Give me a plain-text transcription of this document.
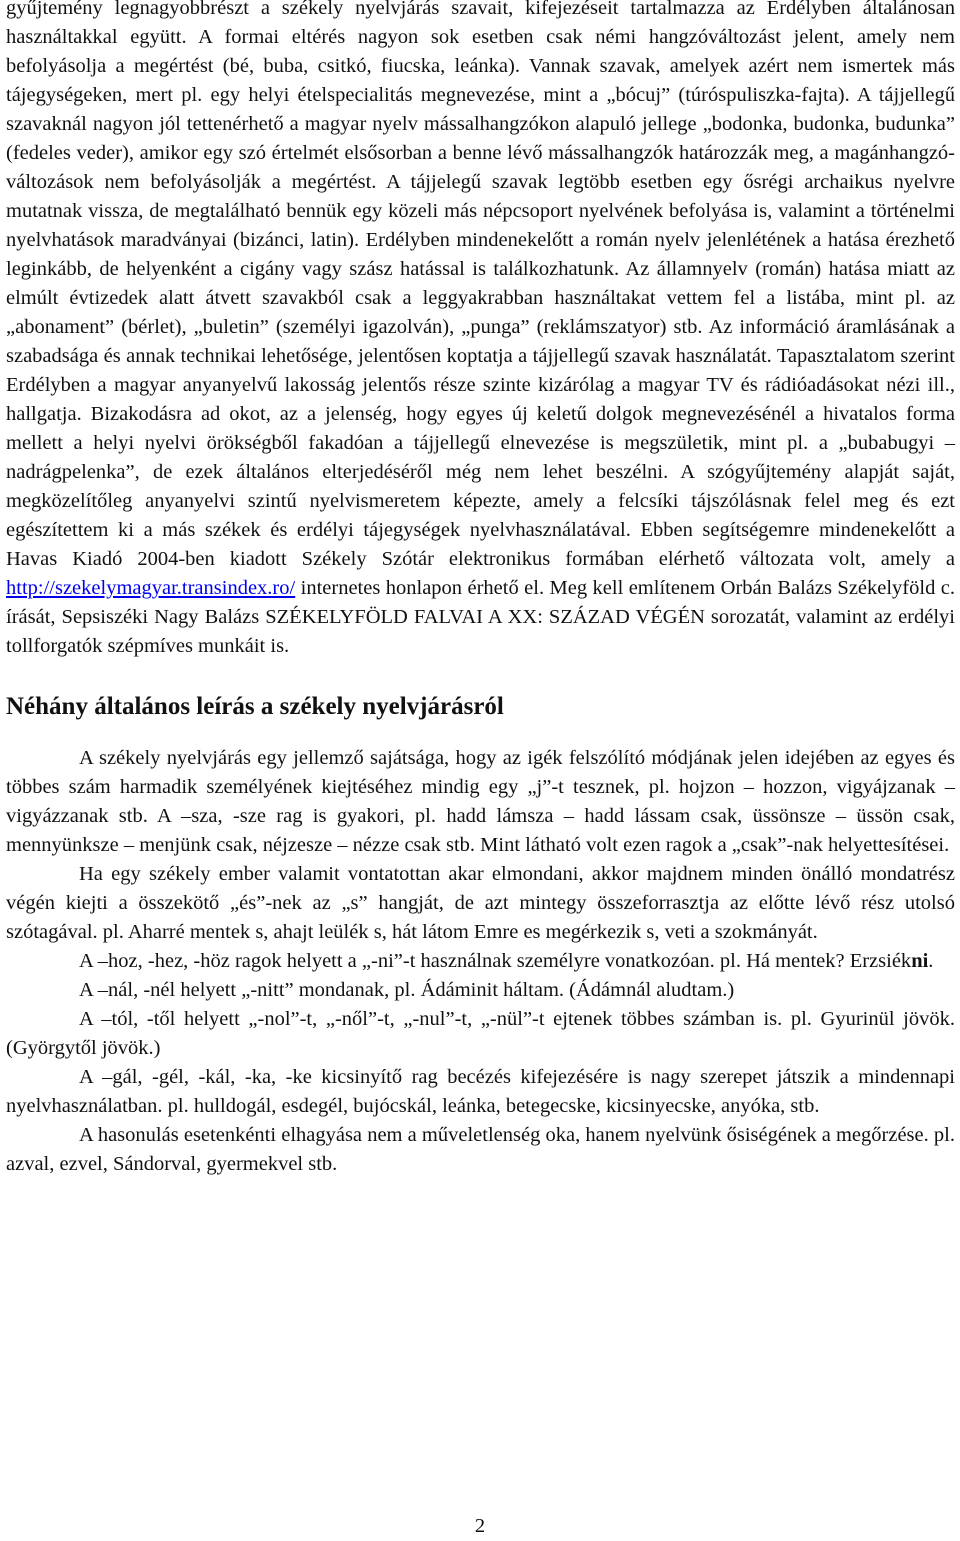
gyűjtemény legnagyobbrészt a székely nyelvjárás szavait, kifejezéseit tartalmazza az Erdélyben általánosan használtakkal együtt. A formai eltérés nagyon sok esetben csak némi hangzóváltozást jelent, amely nem befolyásolja a megértést (bé, buba, csitkó, fiucska, leánka). Vannak szavak, amelyek azért nem ismertek más tájegységeken, mert pl. egy helyi ételspecialitás megnevezése, mint a „bócuj” (túróspuliszka-fajta). A tájjellegű szavaknál nagyon jól tettenérhető a magyar nyelv mássalhangzókon alapuló jellege „bodonka, budonka, budunka” (fedeles veder), amikor egy szó értelmét elsősorban a benne lévő mássalhangzók határozzák meg, a magánhangzó-változások nem befolyásolják a megértést. A tájjelegű szavak legtöbb esetben egy ősrégi archaikus nyelvre mutatnak vissza, de megtalálható bennük egy közeli más népcsoport nyelvének befolyása is, valamint a történelmi nyelvhatások maradványai (bizánci, latin). Erdélyben mindenekelőtt a román nyelv jelenlétének a hatása érezhető leginkább, de helyenként a cigány vagy szász hatással is találkozhatunk. Az államnyelv (román) hatása miatt az elmúlt évtizedek alatt átvett szavakból csak a leggyakrabban használtakat vettem fel a listába, mint pl. az „abonament” (bérlet), „buletin” (személyi igazolván), „punga” (reklámszatyor) stb. Az információ áramlásának a szabadsága és annak technikai lehetősége, jelentősen koptatja a tájjellegű szavak használatát. Tapasztalatom szerint Erdélyben a magyar anyanyelvű lakosság jelentős része szinte kizárólag a magyar TV és rádióadásokat nézi ill., hallgatja. Bizakodásra ad okot, az a jelenség, hogy egyes új keletű dolgok megnevezésénél a hivatalos forma mellett a helyi nyelvi örökségből fakadóan a tájjellegű elnevezése is megszületik, mint pl. a „bubabugyi – nadrágpelenka”, de ezek általános elterjedéséről még nem lehet beszélni. A szógyűjtemény alapját saját, megközelítőleg anyanyelvi szintű nyelvismeretem képezte, amely a felcsíki tájszólásnak felel meg és ezt egészítettem ki a más székek és erdélyi tájegységek nyelvhasználatával. Ebben segítségemre mindenekelőtt a Havas Kiadó 2004-ben kiadott Székely Szótár elektronikus formában elérhető változata volt, amely a http://szekelymagyar.transindex.ro/ internetes honlapon érhető el. Meg kell említenem Orbán Balázs Székelyföld c. írását, Sepsiszéki Nagy Balázs SZÉKELYFÖLD FALVAI A XX: SZÁZAD VÉGÉN sorozatát, valamint az erdélyi tollforgatók szépmíves munkáit is.

Néhány általános leírás a székely nyelvjárásról

A székely nyelvjárás egy jellemző sajátsága, hogy az igék felszólító módjának jelen idejében az egyes és többes szám harmadik személyének kiejtéséhez mindig egy „j”-t tesznek, pl. hojzon – hozzon, vigyájzanak – vigyázzanak stb. A –sza, -sze rag is gyakori, pl. hadd lámsza – hadd lássam csak, üssönsze – üssön csak, mennyünksze – menjünk csak, néjzesze – nézze csak stb. Mint látható volt ezen ragok a „csak”-nak helyettesítései.

Ha egy székely ember valamit vontatottan akar elmondani, akkor majdnem minden önálló mondatrész végén kiejti a összekötő „és”-nek az „s” hangját, de azt mintegy összeforrasztja az előtte lévő rész utolsó szótagával. pl. Aharré mentek s, ahajt leülék s, hát látom Emre es megérkezik s, veti a szokmányát.

A –hoz, -hez, -höz ragok helyett a „-ni”-t használnak személyre vonatkozóan. pl. Há mentek? Erzsiékni.

A –nál, -nél helyett „-nitt” mondanak, pl. Ádáminit háltam. (Ádámnál aludtam.)

A –tól, -től helyett „-nol”-t, „-nől”-t, „-nul”-t, „-nül”-t ejtenek többes számban is. pl. Gyurinül jövök. (Györgytől jövök.)

A –gál, -gél, -kál, -ka, -ke kicsinyítő rag becézés kifejezésére is nagy szerepet játszik a mindennapi nyelvhasználatban. pl. hulldogál, esdegél, bujócskál, leánka, betegecske, kicsinyecske, anyóka, stb.

A hasonulás esetenkénti elhagyása nem a műveletlenség oka, hanem nyelvünk ősiségének a megőrzése. pl. azval, ezvel, Sándorval, gyermekvel stb.

2
